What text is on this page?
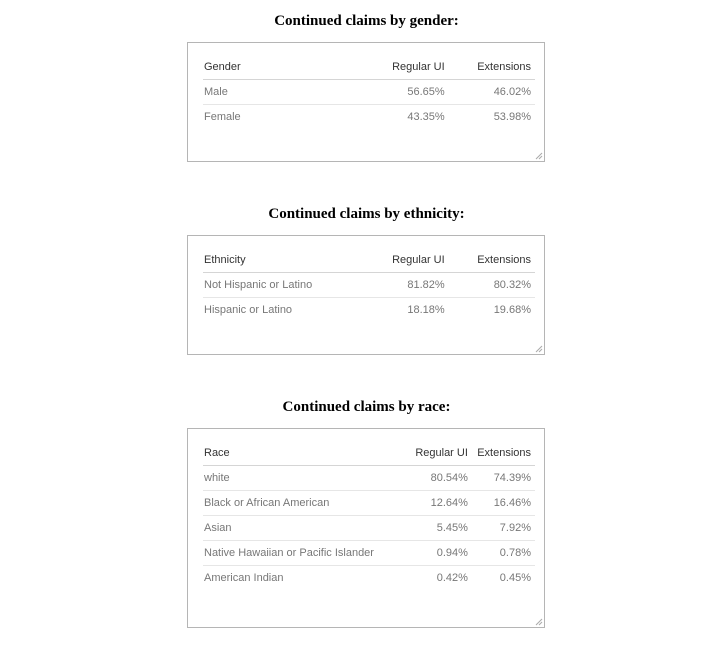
Continued claims by gender:
Gender	Regular UI	Extensions
Male	56.65%	46.02%
Female	43.35%	53.98%
Continued claims by ethnicity:
Ethnicity	Regular UI	Extensions
Not Hispanic or Latino	81.82%	80.32%
Hispanic or Latino	18.18%	19.68%
Continued claims by race:
Race	Regular UI	Extensions
white	80.54%	74.39%
Black or African American	12.64%	16.46%
Asian	5.45%	7.92%
Native Hawaiian or Pacific Islander	0.94%	0.78%
American Indian	0.42%	0.45%
